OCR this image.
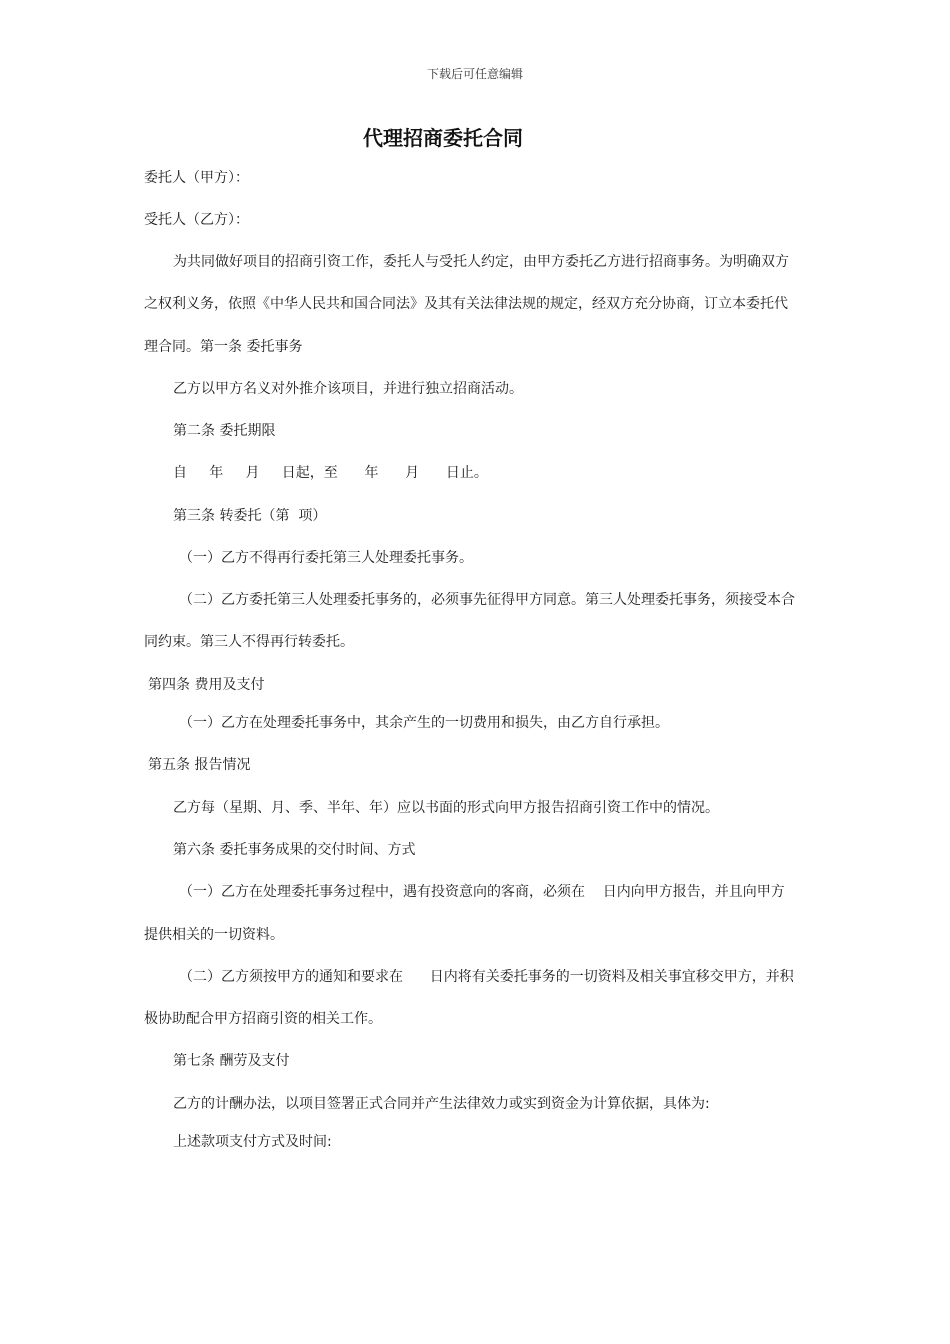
下载后可任意编辑
代理招商委托合同
委托人（甲方）：
受托人（乙方）：
为共同做好项目的招商引资工作，委托人与受托人约定，由甲方委托乙方进行招商事务。为明确双方
之权利义务，依照《中华人民共和国合同法》及其有关法律法规的规定，经双方充分协商，订立本委托代
理合同。第一条 委托事务
乙方以甲方名义对外推介该项目，并进行独立招商活动。
第二条 委托期限
自     年     月     日起，至      年      月      日止。
第三条 转委托（第  项）
（一）乙方不得再行委托第三人处理委托事务。
（二）乙方委托第三人处理委托事务的，必须事先征得甲方同意。第三人处理委托事务，须接受本合
同约束。第三人不得再行转委托。
第四条 费用及支付
（一）乙方在处理委托事务中，其余产生的一切费用和损失，由乙方自行承担。
第五条 报告情况
乙方每（星期、月、季、半年、年）应以书面的形式向甲方报告招商引资工作中的情况。
第六条 委托事务成果的交付时间、方式
（一）乙方在处理委托事务过程中，遇有投资意向的客商，必须在    日内向甲方报告，并且向甲方
提供相关的一切资料。
（二）乙方须按甲方的通知和要求在      日内将有关委托事务的一切资料及相关事宜移交甲方，并积
极协助配合甲方招商引资的相关工作。
第七条 酬劳及支付
乙方的计酬办法，以项目签署正式合同并产生法律效力或实到资金为计算依据，具体为:
上述款项支付方式及时间:
